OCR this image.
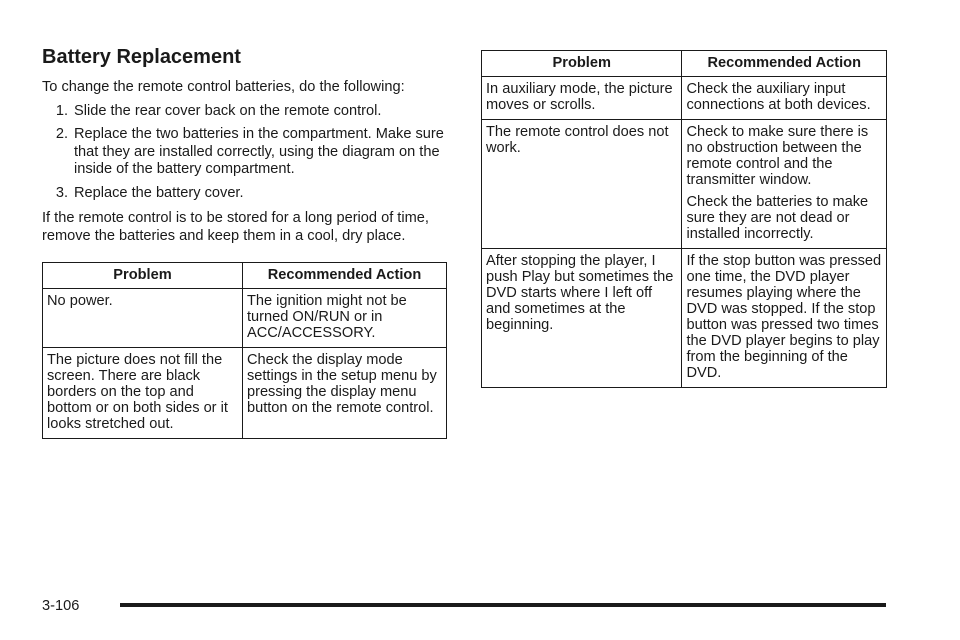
Battery Replacement

To change the remote control batteries, do the following:

1. Slide the rear cover back on the remote control.
2. Replace the two batteries in the compartment. Make sure that they are installed correctly, using the diagram on the inside of the battery compartment.
3. Replace the battery cover.

If the remote control is to be stored for a long period of time, remove the batteries and keep them in a cool, dry place.

Problem	Recommended Action
No power.	The ignition might not be turned ON/RUN or in ACC/ACCESSORY.

The picture does not fill the screen. There are black borders on the top and bottom or on both sides or it looks stretched out.	Check the display mode settings in the setup menu by pressing the display menu button on the remote control.
Problem	Recommended Action
In auxiliary mode, the picture moves or scrolls.	Check the auxiliary input connections at both devices.

The remote control does not work.	Check to make sure there is no obstruction between the remote control and the transmitter window.
Check the batteries to make sure they are not dead or installed incorrectly.

After stopping the player, I push Play but sometimes the DVD starts where I left off and sometimes at the beginning.	If the stop button was pressed one time, the DVD player resumes playing where the DVD was stopped. If the stop button was pressed two times the DVD player begins to play from the beginning of the DVD.
3-106
